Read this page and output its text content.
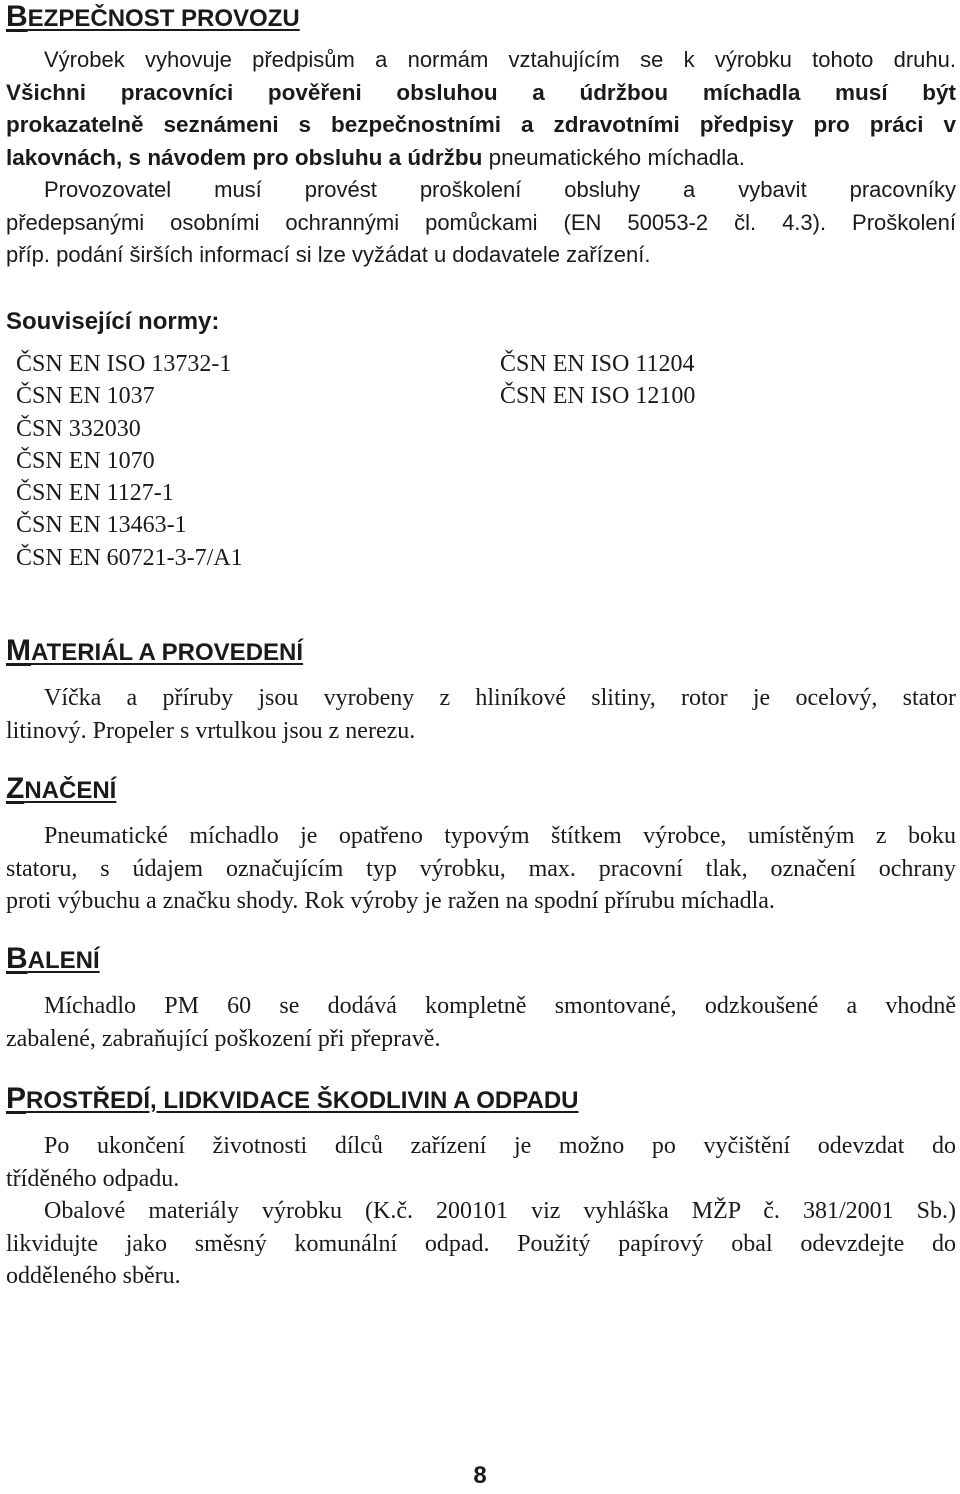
B EZPEČNOST PROVOZU
Výrobek vyhovuje předpisům a normám vztahujícím se k výrobku tohoto druhu.
Všichni pracovníci pověřeni obsluhou a údržbou míchadla musí být
prokazatelně seznámeni s bezpečnostními a zdravotními předpisy pro práci v
lakovnách, s návodem pro obsluhu a údržbu pneumatického míchadla.
Provozovatel musí provést proškolení obsluhy a vybavit pracovníky
předepsanými osobními ochrannými pomůckami (EN 50053-2 čl. 4.3). Proškolení
příp. podání širších informací si lze vyžádat u dodavatele zařízení.
Související normy:
ČSN EN ISO 13732-1
ČSN EN 1037
ČSN 332030
ČSN EN 1070
ČSN EN 1127-1
ČSN EN 13463-1
ČSN EN 60721-3-7/A1
ČSN EN ISO 11204
ČSN EN ISO 12100
M ATERIÁL A PROVEDENÍ
Víčka a příruby jsou vyrobeny z hliníkové slitiny, rotor je ocelový, stator
litinový. Propeler s vrtulkou jsou z nerezu.
Z NAČENÍ
Pneumatické míchadlo je opatřeno typovým štítkem výrobce, umístěným z boku
statoru, s údajem označujícím typ výrobku, max. pracovní tlak, označení ochrany
proti výbuchu a značku shody. Rok výroby je ražen na spodní přírubu míchadla.
B ALENÍ
Míchadlo PM 60 se dodává kompletně smontované, odzkoušené a vhodně
zabalené, zabraňující poškození při přepravě.
P ROSTŘEDÍ, LIDKVIDACE ŠKODLIVIN A ODPADU
Po ukončení životnosti dílců zařízení je možno po vyčištění odevzdat do
tříděného odpadu.
Obalové materiály výrobku (K.č. 200101 viz vyhláška MŽP č. 381/2001 Sb.)
likvidujte jako směsný komunální odpad. Použitý papírový obal odevzdejte do
odděleného sběru.
8
